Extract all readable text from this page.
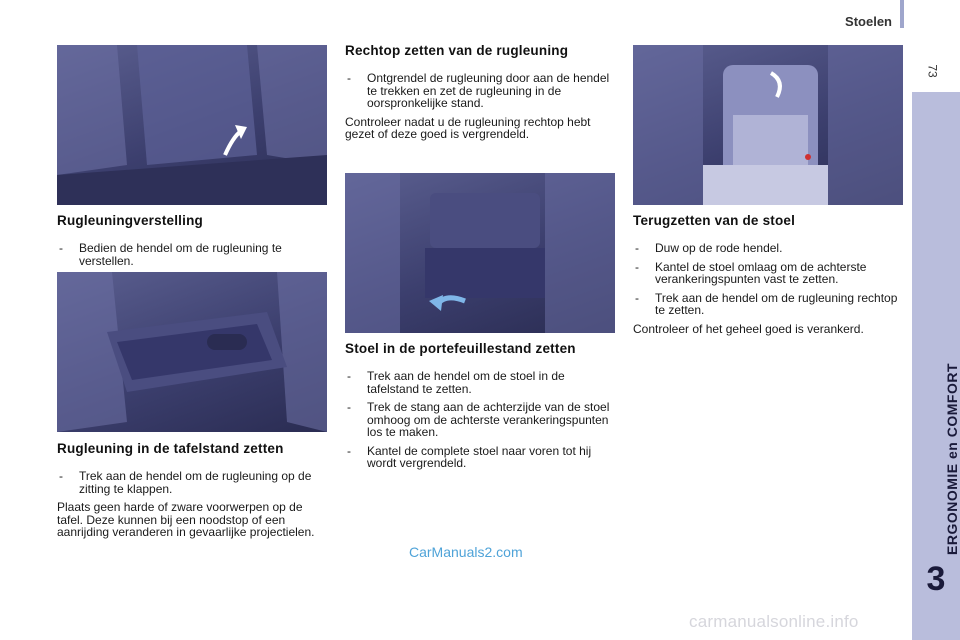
Stoelen
73
ERGONOMIE en COMFORT
3
Rugleuningverstelling
- Bedien de hendel om de rugleuning te verstellen.
Rugleuning in de tafelstand zetten
- Trek aan de hendel om de rugleuning op de zitting te klappen.

Plaats geen harde of zware voorwerpen op de tafel. Deze kunnen bij een noodstop of een aanrijding veranderen in gevaarlijke projectielen.

Rechtop zetten van de rugleuning
- Ontgrendel de rugleuning door aan de hendel te trekken en zet de rugleuning in de oorspronkelijke stand.

Controleer nadat u de rugleuning rechtop hebt gezet of deze goed is vergrendeld.

Stoel in de portefeuillestand zetten
- Trek aan de hendel om de stoel in de tafelstand te zetten.
- Trek de stang aan de achterzijde van de stoel omhoog om de achterste verankeringspunten los te maken.
- Kantel de complete stoel naar voren tot hij wordt vergrendeld.
Terugzetten van de stoel
- Duw op de rode hendel.
- Kantel de stoel omlaag om de achterste verankeringspunten vast te zetten.
- Trek aan de hendel om de rugleuning rechtop te zetten.

Controleer of het geheel goed is verankerd.

CarManuals2.com
carmanualsonline.info
